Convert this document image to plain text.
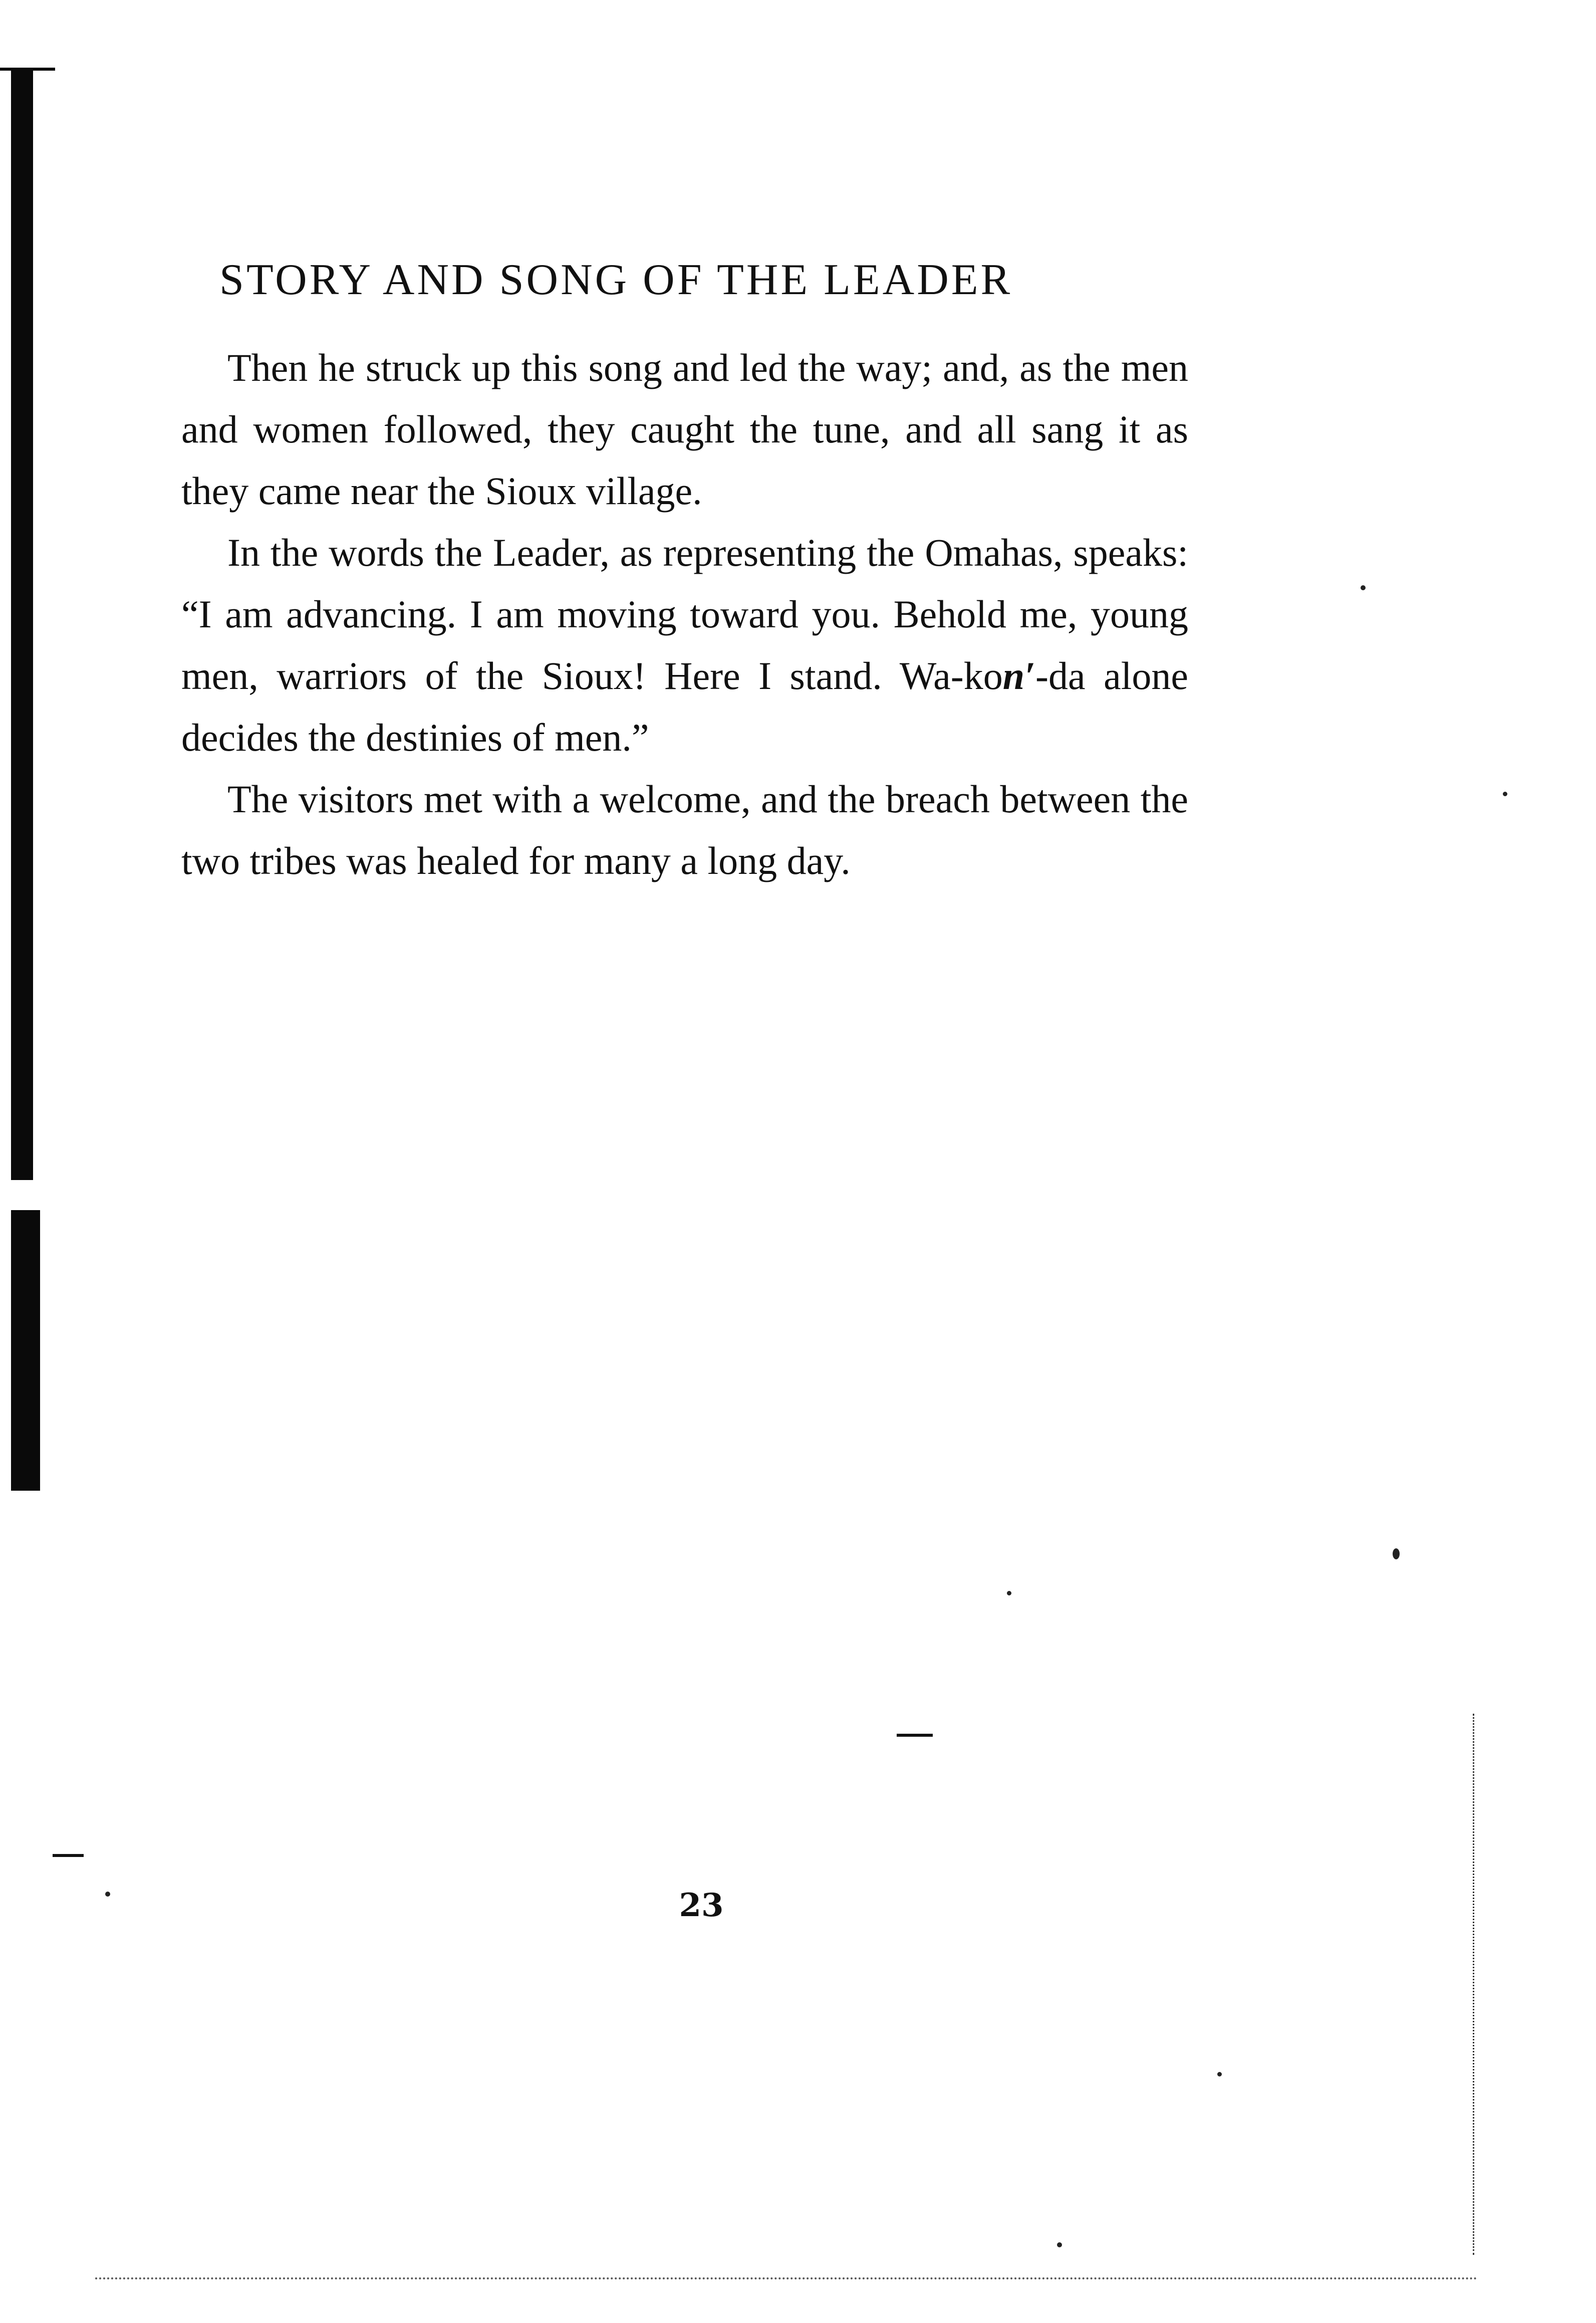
STORY AND SONG OF THE LEADER

Then he struck up this song and led the way; and, as the men and women followed, they caught the tune, and all sang it as they came near the Sioux village.

In the words the Leader, as representing the Omahas, speaks: “I am advancing. I am moving toward you. Behold me, young men, warriors of the Sioux! Here I stand. Wa-kon′-da alone decides the destinies of men.”

The visitors met with a welcome, and the breach between the two tribes was healed for many a long day.

23
